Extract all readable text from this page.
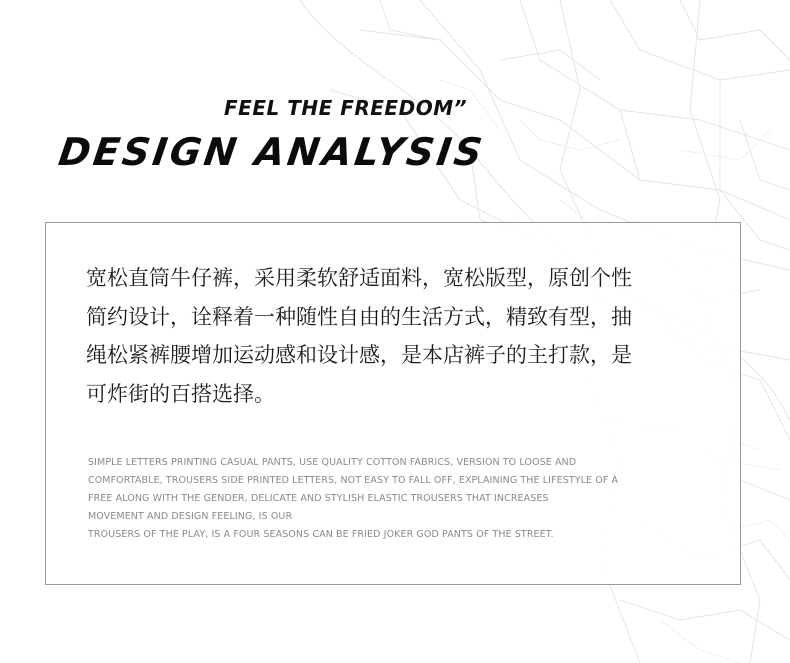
FEEL THE FREEDOM”
DESIGN ANALYSIS
宽松直筒牛仔裤，采用柔软舒适面料，宽松版型，原创个性
简约设计，诠释着一种随性自由的生活方式，精致有型，抽
绳松紧裤腰增加运动感和设计感，是本店裤子的主打款，是
可炸街的百搭选择。
SIMPLE LETTERS PRINTING CASUAL PANTS, USE QUALITY COTTON FABRICS, VERSION TO LOOSE AND
COMFORTABLE, TROUSERS SIDE PRINTED LETTERS, NOT EASY TO FALL OFF, EXPLAINING THE LIFESTYLE OF A
FREE ALONG WITH THE GENDER, DELICATE AND STYLISH ELASTIC TROUSERS THAT INCREASES
MOVEMENT AND DESIGN FEELING, IS OUR
TROUSERS OF THE PLAY, IS A FOUR SEASONS CAN BE FRIED JOKER GOD PANTS OF THE STREET.
